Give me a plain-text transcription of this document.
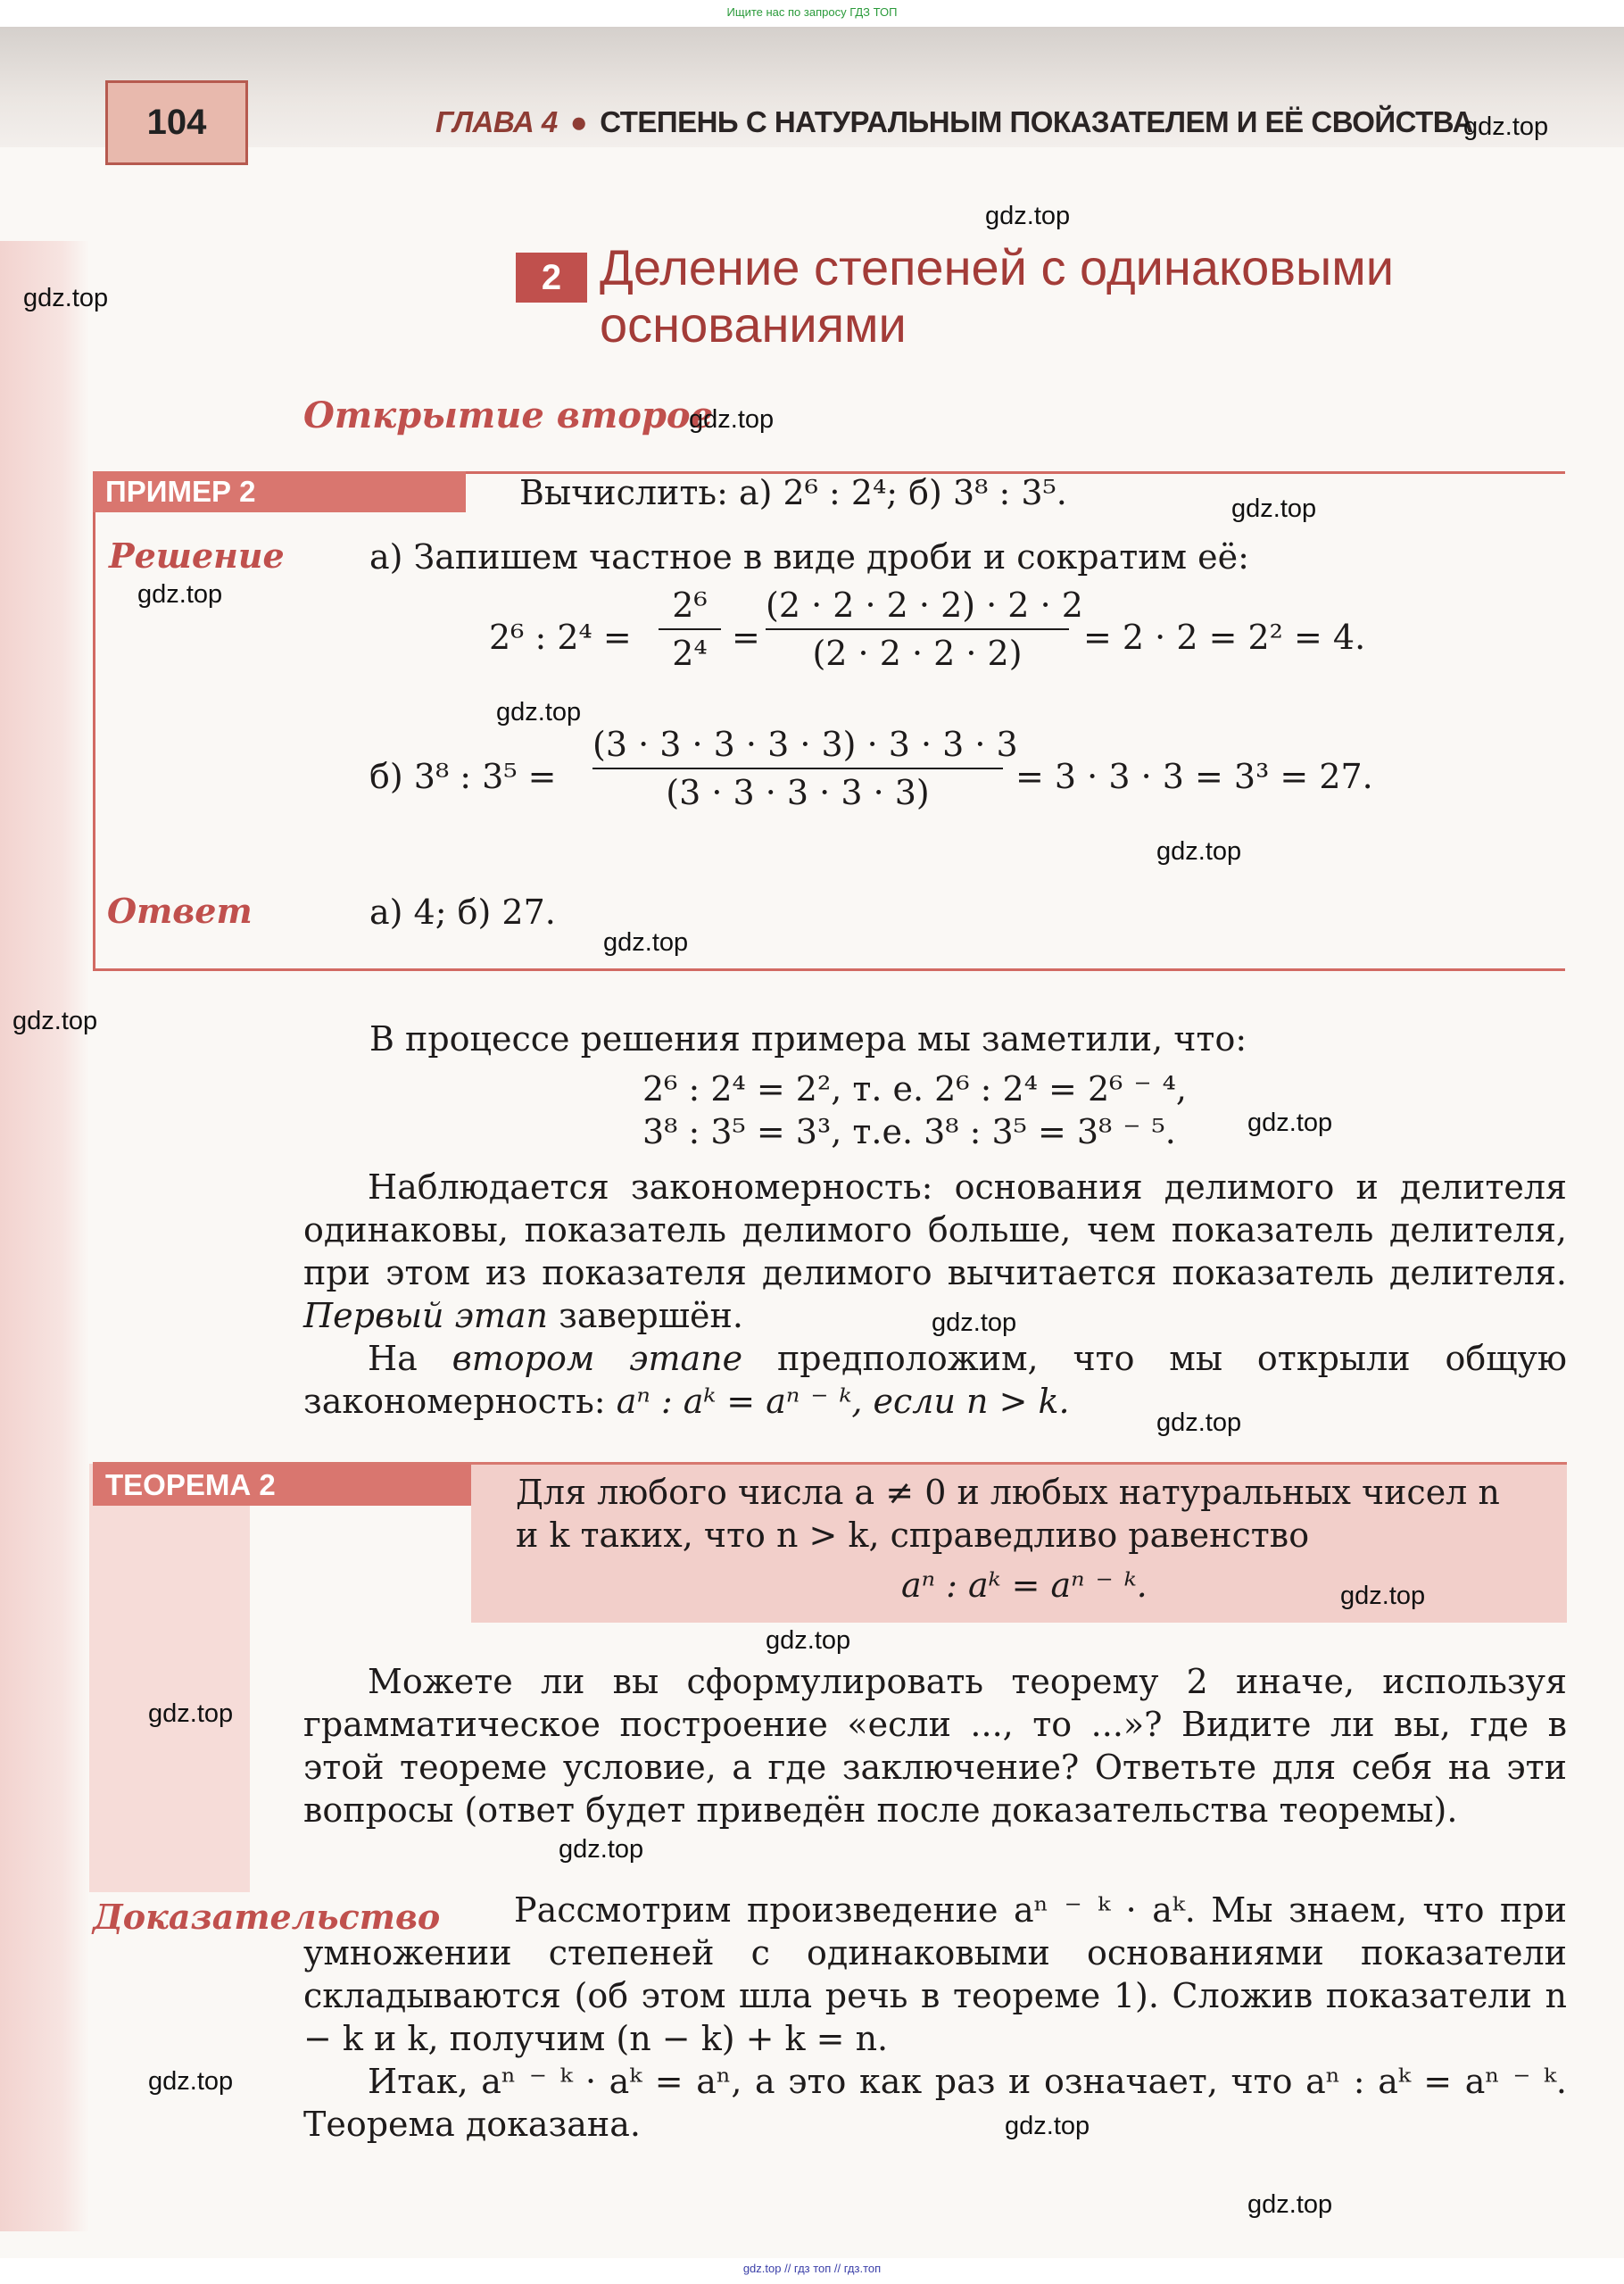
Ищите нас по запросу ГДЗ ТОП
104	ГЛАВА 4 ● СТЕПЕНЬ С НАТУРАЛЬНЫМ ПОКАЗАТЕЛЕМ И ЕЁ СВОЙСТВА
2 Деление степеней с одинаковыми
основаниями
Открытие второе
ПРИМЕР 2	Вычислить: а) 2⁶ : 2⁴; б) 3⁸ : 3⁵.
Решение	а) Запишем частное в виде дроби и сократим её:
2⁶ : 2⁴ =
2⁶
2⁴ =
(2 · 2 · 2 · 2) · 2 · 2
(2 · 2 · 2 · 2)	= 2 · 2 = 2² = 4.
б) 3⁸ : 3⁵ =
(3 · 3 · 3 · 3 · 3) · 3 · 3 · 3
(3 · 3 · 3 · 3 · 3)	= 3 · 3 · 3 = 3³ = 27.
Ответ	а) 4; б) 27.
В процессе решения примера мы заметили, что:
2⁶ : 2⁴ = 2², т. е. 2⁶ : 2⁴ = 2⁶ ⁻ ⁴,
3⁸ : 3⁵ = 3³, т.е. 3⁸ : 3⁵ = 3⁸ ⁻ ⁵.
Наблюдается закономерность: основания делимого и делителя одинаковы, показатель делимого больше, чем показатель делителя, при этом из показателя делимого вычитается показатель делителя. Первый этап завершён.
На втором этапе предположим, что мы открыли общую закономерность: aⁿ : aᵏ = aⁿ ⁻ ᵏ, если n > k.
ТЕОРЕМА 2	Для любого числа a ≠ 0 и любых натуральных чисел n
и k таких, что n > k, справедливо равенство
aⁿ : aᵏ = aⁿ ⁻ ᵏ.
Можете ли вы сформулировать теорему 2 иначе, используя грамматическое построение «если ..., то ...»? Видите ли вы, где в этой теореме условие, а где заключение? Ответьте для себя на эти вопросы (ответ будет приведён после доказательства теоремы).
Доказательство	Рассмотрим произведение aⁿ ⁻ ᵏ · aᵏ. Мы знаем, что при умножении степеней с одинаковыми основаниями показатели складываются (об этом шла речь в теореме 1). Сложив показатели n − k и k, получим (n − k) + k = n.
Итак, aⁿ ⁻ ᵏ · aᵏ = aⁿ, а это как раз и означает, что aⁿ : aᵏ = aⁿ ⁻ ᵏ. Теорема доказана.
gdz.top
gdz.top
gdz.top
gdz.top
gdz.top
gdz.top
gdz.top
gdz.top
gdz.top
gdz.top
gdz.top
gdz.top
gdz.top
gdz.top
gdz.top
gdz.top
gdz.top
gdz.top
gdz.top
gdz.top
gdz.top // гдз топ // гдз.топ
